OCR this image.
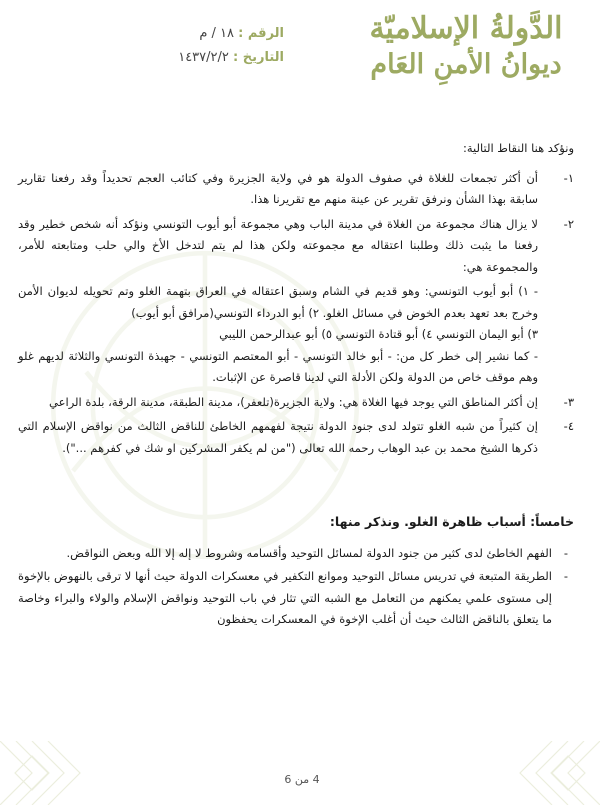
الدَّولةُ الإسلاميّة
ديوانُ الأمنِ العَام
الرقم : ١٨ / م
التاريخ : ١٤٣٧/٢/٢

ونؤكد هنا النقاط التالية:

١-

أن أكثر تجمعات للغلاة في صفوف الدولة هو في ولاية الجزيرة وفي كتائب العجم تحديداً وقد رفعنا تقارير سابقة بهذا الشأن ونرفق تقرير عن عينة منهم مع تقريرنا هذا.

٢-

لا يزال هناك مجموعة من الغلاة في مدينة الباب وهي مجموعة أبو أيوب التونسي ونؤكد أنه شخص خطير وقد رفعنا ما يثبت ذلك وطلبنا اعتقاله مع مجموعته ولكن هذا لم يتم لتدخل الأخ والي حلب ومتابعته للأمر، والمجموعة هي:

- ١) أبو أيوب التونسي: وهو قديم في الشام وسبق اعتقاله في العراق بتهمة الغلو وتم تحويله لديوان الأمن وخرج بعد تعهد بعدم الخوض في مسائل الغلو. ٢) أبو الدرداء التونسي(مرافق أبو أيوب)

٣) أبو اليمان التونسي ٤) أبو قتادة التونسي ٥) أبو عبدالرحمن الليبي

- كما نشير إلى خطر كل من: - أبو خالد التونسي - أبو المعتصم التونسي - جهبذة التونسي والثلاثة لديهم غلو وهم موقف خاص من الدولة ولكن الأدلة التي لدينا قاصرة عن الإثبات.

٣-

إن أكثر المناطق التي يوجد فيها الغلاة هي: ولاية الجزيرة(تلعفر)، مدينة الطبقة، مدينة الرقة، بلدة الراعي

٤-

إن كثيراً من شبه الغلو تتولد لدى جنود الدولة نتيجة لفهمهم الخاطئ للناقض الثالث من نواقض الإسلام التي ذكرها الشيخ محمد بن عبد الوهاب رحمه الله تعالى ("من لم يكفر المشركين او شك في كفرهم ...").

خامساً: أسباب ظاهرة الغلو. ونذكر منها:
-

الفهم الخاطئ لدى كثير من جنود الدولة لمسائل التوحيد وأقسامه وشروط لا إله إلا الله وبعض النواقض.

-

الطريقة المتبعة في تدريس مسائل التوحيد وموانع التكفير في معسكرات الدولة حيث أنها لا ترقى بالنهوض بالإخوة إلى مستوى علمي يمكنهم من التعامل مع الشبه التي تثار في باب التوحيد ونواقض الإسلام والولاء والبراء وخاصة ما يتعلق بالناقض الثالث حيث أن أغلب الإخوة في المعسكرات يحفظون

4 من 6
